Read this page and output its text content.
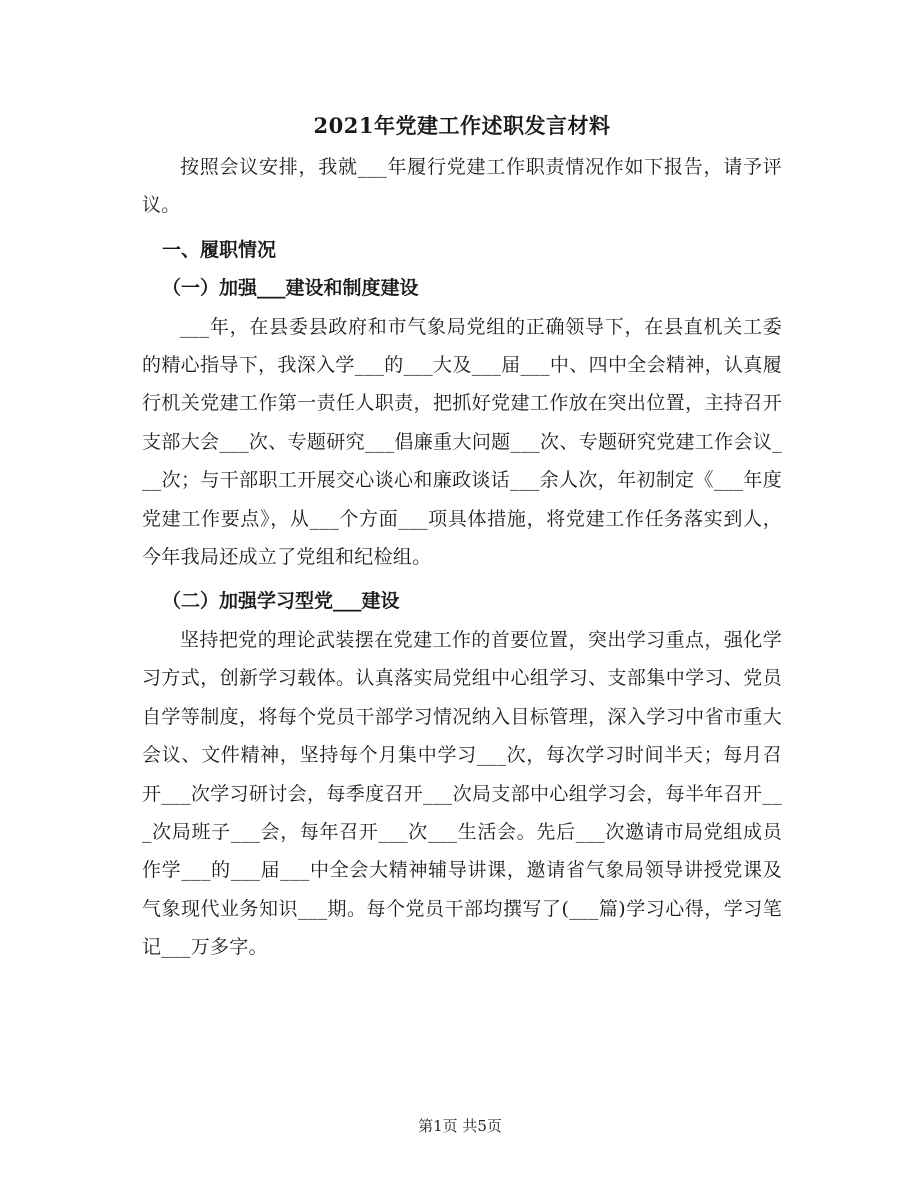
2021年党建工作述职发言材料

按照会议安排，我就___年履行党建工作职责情况作如下报告，请予评议。

一、履职情况

（一）加强___建设和制度建设

___年，在县委县政府和市气象局党组的正确领导下，在县直机关工委的精心指导下，我深入学___的___大及___届___中、四中全会精神，认真履行机关党建工作第一责任人职责，把抓好党建工作放在突出位置，主持召开支部大会___次、专题研究___倡廉重大问题___次、专题研究党建工作会议___次；与干部职工开展交心谈心和廉政谈话___余人次，年初制定《___年度党建工作要点》，从___个方面___项具体措施，将党建工作任务落实到人，今年我局还成立了党组和纪检组。

（二）加强学习型党___建设

坚持把党的理论武装摆在党建工作的首要位置，突出学习重点，强化学习方式，创新学习载体。认真落实局党组中心组学习、支部集中学习、党员自学等制度，将每个党员干部学习情况纳入目标管理，深入学习中省市重大会议、文件精神，坚持每个月集中学习___次，每次学习时间半天；每月召开___次学习研讨会，每季度召开___次局支部中心组学习会，每半年召开___次局班子___会，每年召开___次___生活会。先后___次邀请市局党组成员作学___的___届___中全会大精神辅导讲课，邀请省气象局领导讲授党课及气象现代业务知识___期。每个党员干部均撰写了(___篇)学习心得，学习笔记___万多字。

第1页 共5页
